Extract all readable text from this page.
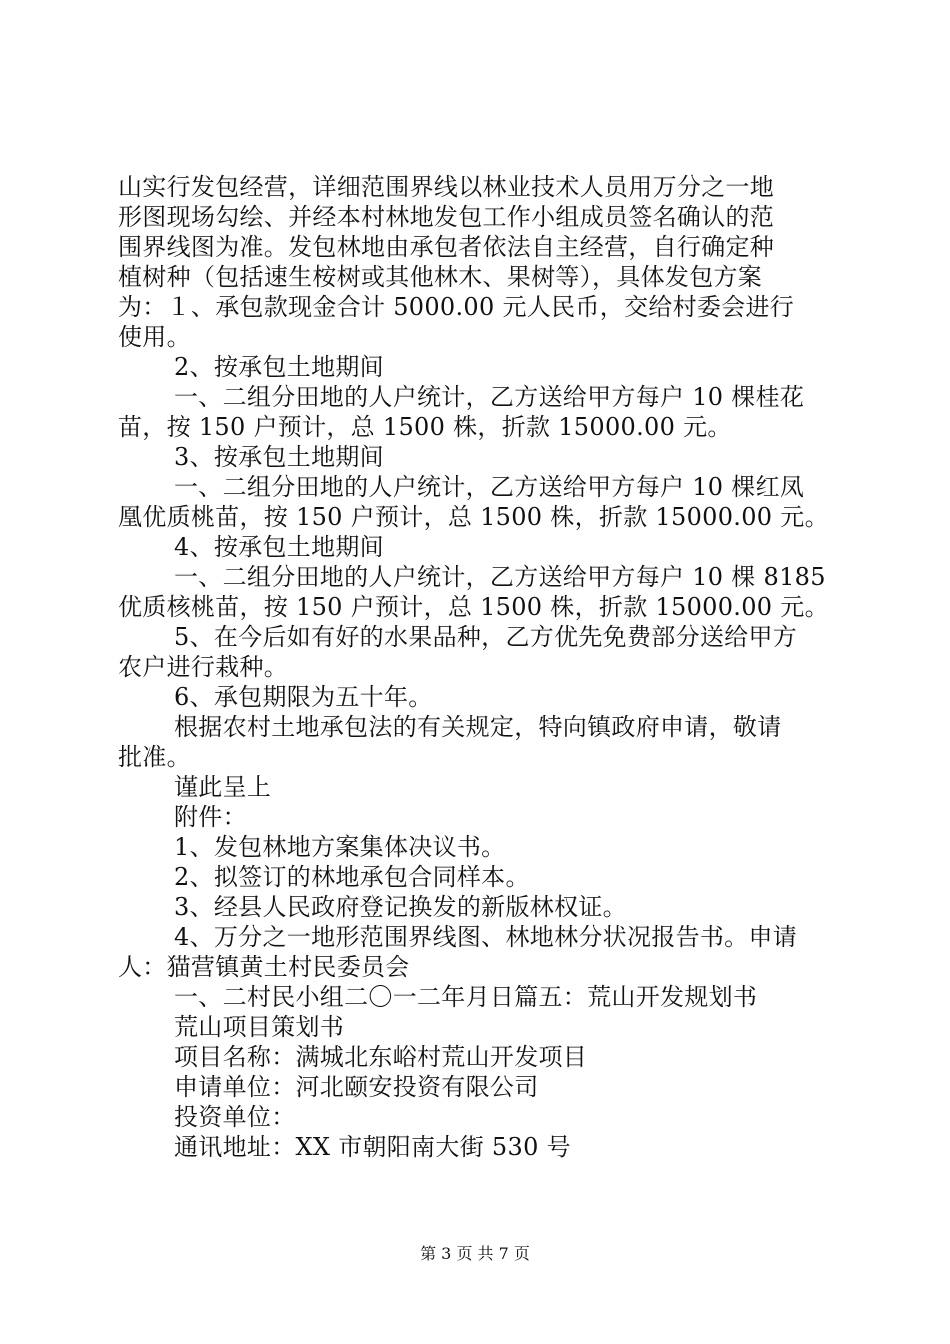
山实行发包经营，详细范围界线以林业技术人员用万分之一地
形图现场勾绘、并经本村林地发包工作小组成员签名确认的范
围界线图为准。发包林地由承包者依法自主经营，自行确定种
植树种（包括速生桉树或其他林木、果树等），具体发包方案
为：１、承包款现金合计 5000.00 元人民币，交给村委会进行
使用。
2、按承包土地期间
一、二组分田地的人户统计，乙方送给甲方每户 10 棵桂花
苗，按 150 户预计，总 1500 株，折款 15000.00 元。
3、按承包土地期间
一、二组分田地的人户统计，乙方送给甲方每户 10 棵红凤
凰优质桃苗，按 150 户预计，总 1500 株，折款 15000.00 元。
4、按承包土地期间
一、二组分田地的人户统计，乙方送给甲方每户 10 棵 8185
优质核桃苗，按 150 户预计，总 1500 株，折款 15000.00 元。
5、在今后如有好的水果品种，乙方优先免费部分送给甲方
农户进行栽种。
6、承包期限为五十年。
根据农村土地承包法的有关规定，特向镇政府申请，敬请
批准。
谨此呈上
附件：
1、发包林地方案集体决议书。
2、拟签订的林地承包合同样本。
3、经县人民政府登记换发的新版林权证。
4、万分之一地形范围界线图、林地林分状况报告书。申请
人：猫营镇黄土村民委员会
一、二村民小组二〇一二年月日篇五：荒山开发规划书
荒山项目策划书
项目名称：满城北东峪村荒山开发项目
申请单位：河北颐安投资有限公司
投资单位：
通讯地址：XX 市朝阳南大街 530 号
第 3 页 共 7 页
